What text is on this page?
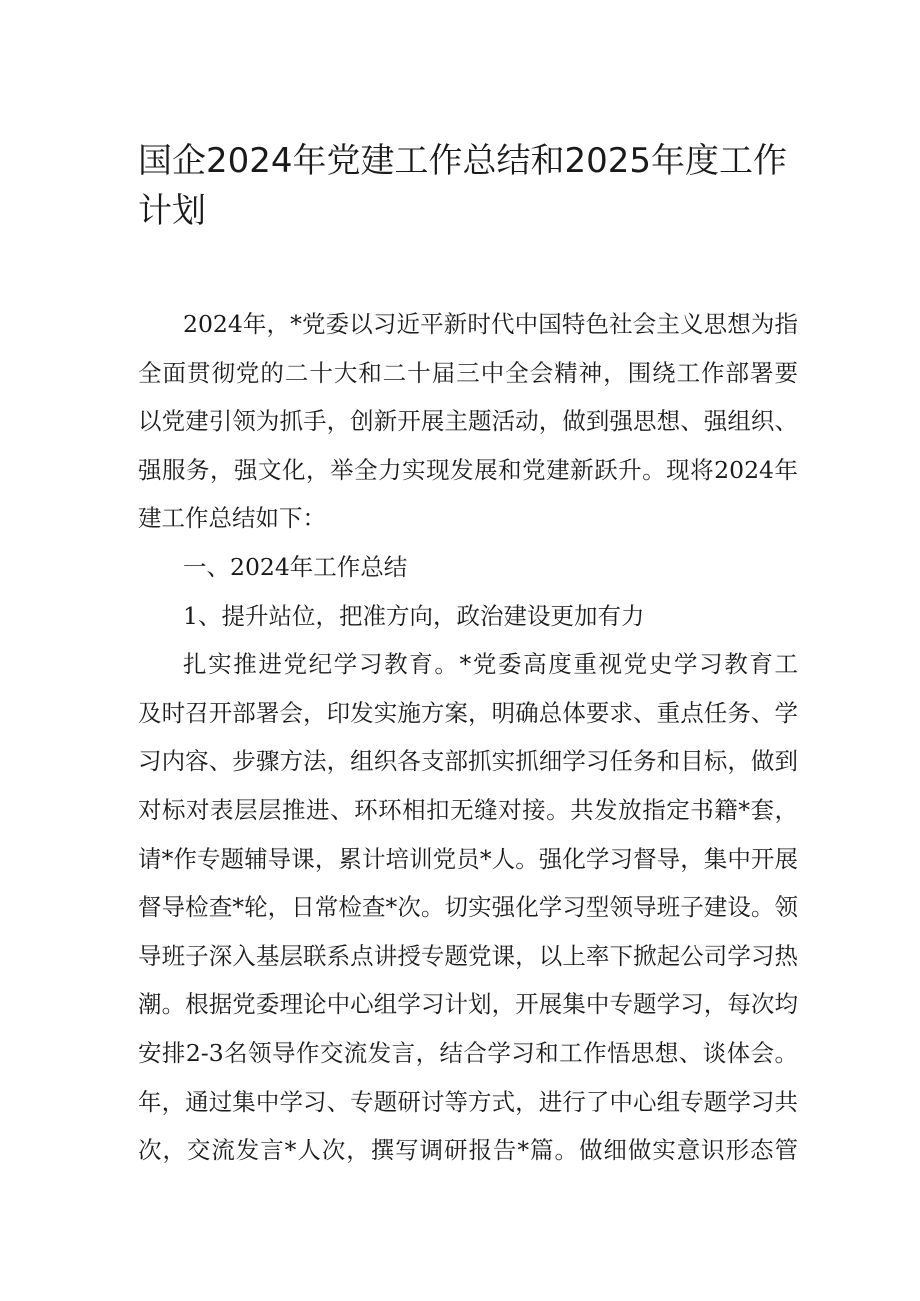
国企2024年党建工作总结和2025年度工作
计划
2024年，*党委以习近平新时代中国特色社会主义思想为指
全面贯彻党的二十大和二十届三中全会精神，围绕工作部署要
以党建引领为抓手，创新开展主题活动，做到强思想、强组织、
强服务，强文化，举全力实现发展和党建新跃升。现将2024年
建工作总结如下：
一、2024年工作总结
1、提升站位，把准方向，政治建设更加有力
扎实推进党纪学习教育。*党委高度重视党史学习教育工
及时召开部署会，印发实施方案，明确总体要求、重点任务、学
习内容、步骤方法，组织各支部抓实抓细学习任务和目标，做到
对标对表层层推进、环环相扣无缝对接。共发放指定书籍*套，
请*作专题辅导课，累计培训党员*人。强化学习督导，集中开展
督导检查*轮，日常检查*次。切实强化学习型领导班子建设。领
导班子深入基层联系点讲授专题党课，以上率下掀起公司学习热
潮。根据党委理论中心组学习计划，开展集中专题学习，每次均
安排2-3名领导作交流发言，结合学习和工作悟思想、谈体会。
年，通过集中学习、专题研讨等方式，进行了中心组专题学习共
次，交流发言*人次，撰写调研报告*篇。做细做实意识形态管
